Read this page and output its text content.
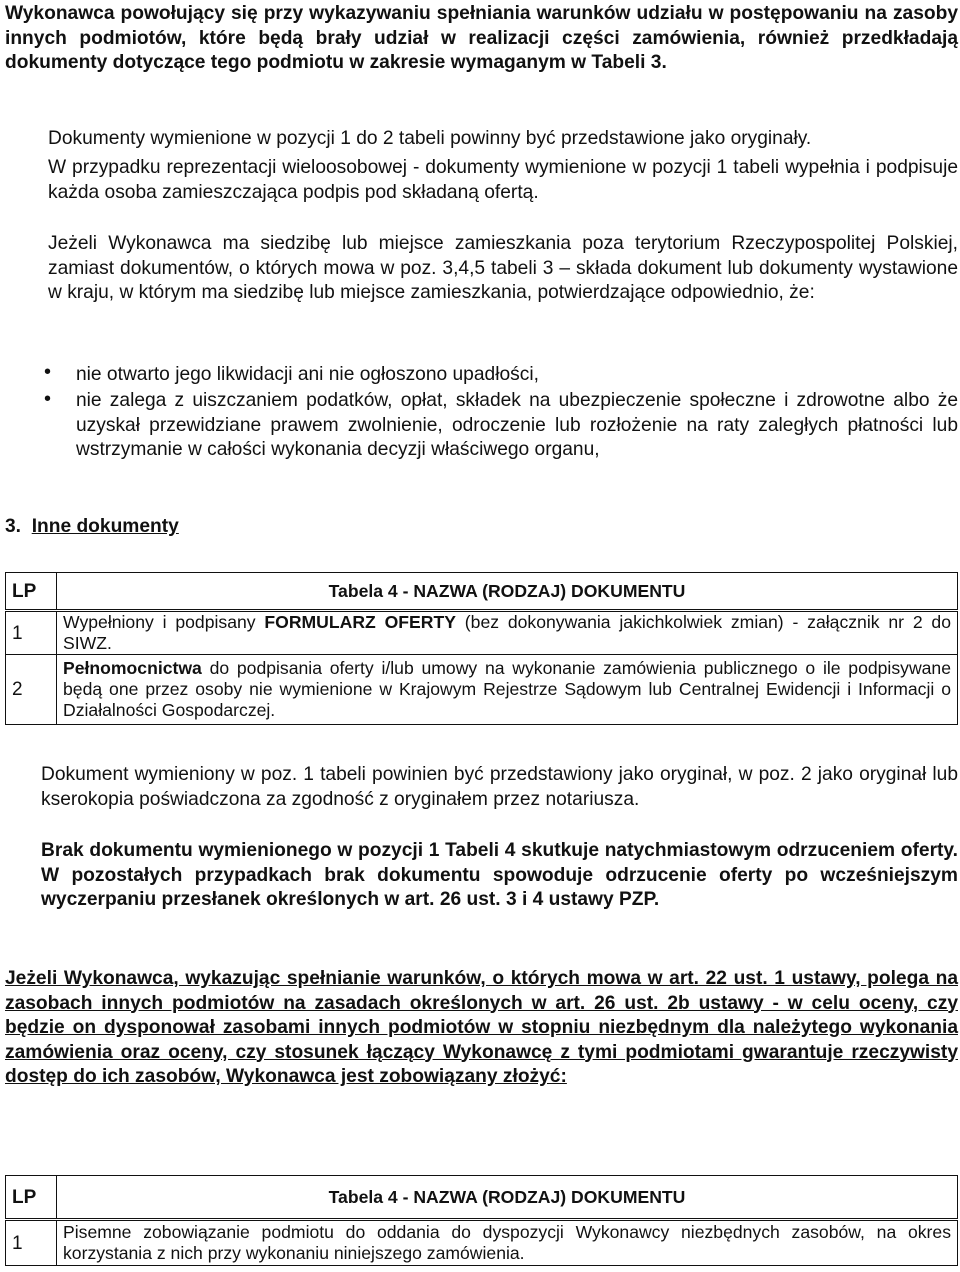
Wykonawca powołujący się przy wykazywaniu spełniania warunków udziału w postępowaniu na zasoby innych podmiotów, które będą brały udział w realizacji części zamówienia, również przedkładają dokumenty dotyczące tego podmiotu w zakresie wymaganym w Tabeli 3.

Dokumenty wymienione w pozycji 1 do 2 tabeli powinny być przedstawione jako oryginały.

W przypadku reprezentacji wieloosobowej - dokumenty wymienione w pozycji 1 tabeli wypełnia i podpisuje każda osoba zamieszczająca podpis pod składaną ofertą.

Jeżeli Wykonawca ma siedzibę lub miejsce zamieszkania poza terytorium Rzeczypospolitej Polskiej, zamiast dokumentów, o których mowa w poz. 3,4,5 tabeli 3 – składa dokument lub dokumenty wystawione w kraju, w którym ma siedzibę lub miejsce zamieszkania, potwierdzające odpowiednio, że:

• nie otwarto jego likwidacji ani nie ogłoszono upadłości,

• nie zalega z uiszczaniem podatków, opłat, składek na ubezpieczenie społeczne i zdrowotne albo że uzyskał przewidziane prawem zwolnienie, odroczenie lub rozłożenie na raty zaległych płatności lub wstrzymanie w całości wykonania decyzji właściwego organu,

3. Inne dokumenty
LP	Tabela 4 - NAZWA (RODZAJ) DOKUMENTU
1	Wypełniony i podpisany FORMULARZ OFERTY (bez dokonywania jakichkolwiek zmian) - załącznik nr 2 do SIWZ.
2	Pełnomocnictwa do podpisania oferty i/lub umowy na wykonanie zamówienia publicznego o ile podpisywane będą one przez osoby nie wymienione w Krajowym Rejestrze Sądowym lub Centralnej Ewidencji i Informacji o Działalności Gospodarczej.

Dokument wymieniony w poz. 1 tabeli powinien być przedstawiony jako oryginał, w poz. 2 jako oryginał lub kserokopia poświadczona za zgodność z oryginałem przez notariusza.

Brak dokumentu wymienionego w pozycji 1 Tabeli 4 skutkuje natychmiastowym odrzuceniem oferty. W pozostałych przypadkach brak dokumentu spowoduje odrzucenie oferty po wcześniejszym wyczerpaniu przesłanek określonych w art. 26 ust. 3 i 4 ustawy PZP.

Jeżeli Wykonawca, wykazując spełnianie warunków, o których mowa w art. 22 ust. 1 ustawy, polega na zasobach innych podmiotów na zasadach określonych w art. 26 ust. 2b ustawy - w celu oceny, czy będzie on dysponował zasobami innych podmiotów w stopniu niezbędnym dla należytego wykonania zamówienia oraz oceny, czy stosunek łączący Wykonawcę z tymi podmiotami gwarantuje rzeczywisty dostęp do ich zasobów, Wykonawca jest zobowiązany złożyć:

LP	Tabela 4 - NAZWA (RODZAJ) DOKUMENTU
1	Pisemne zobowiązanie podmiotu do oddania do dyspozycji Wykonawcy niezbędnych zasobów, na okres korzystania z nich przy wykonaniu niniejszego zamówienia.
